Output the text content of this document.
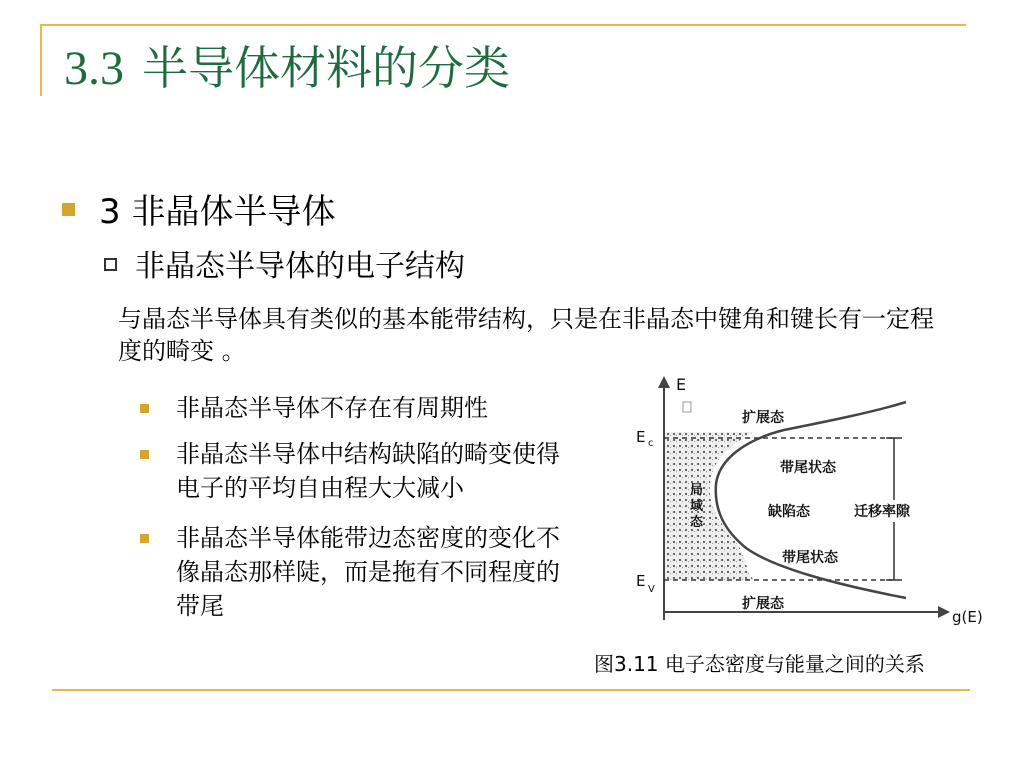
3.3 半导体材料的分类
3 非晶体半导体
非晶态半导体的电子结构
与晶态半导体具有类似的基本能带结构，只是在非晶态中键角和键长有一定程度的畸变 。
非晶态半导体不存在有周期性
非晶态半导体中结构缺陷的畸变使得电子的平均自由程大大减小
非晶态半导体能带边态密度的变化不像晶态那样陡，而是拖有不同程度的带尾
E
E c
E V
扩展态
带尾状态
局 域 态
缺陷态	迁移率隙
带尾状态
扩展态
g(E)
图3.11 电子态密度与能量之间的关系
